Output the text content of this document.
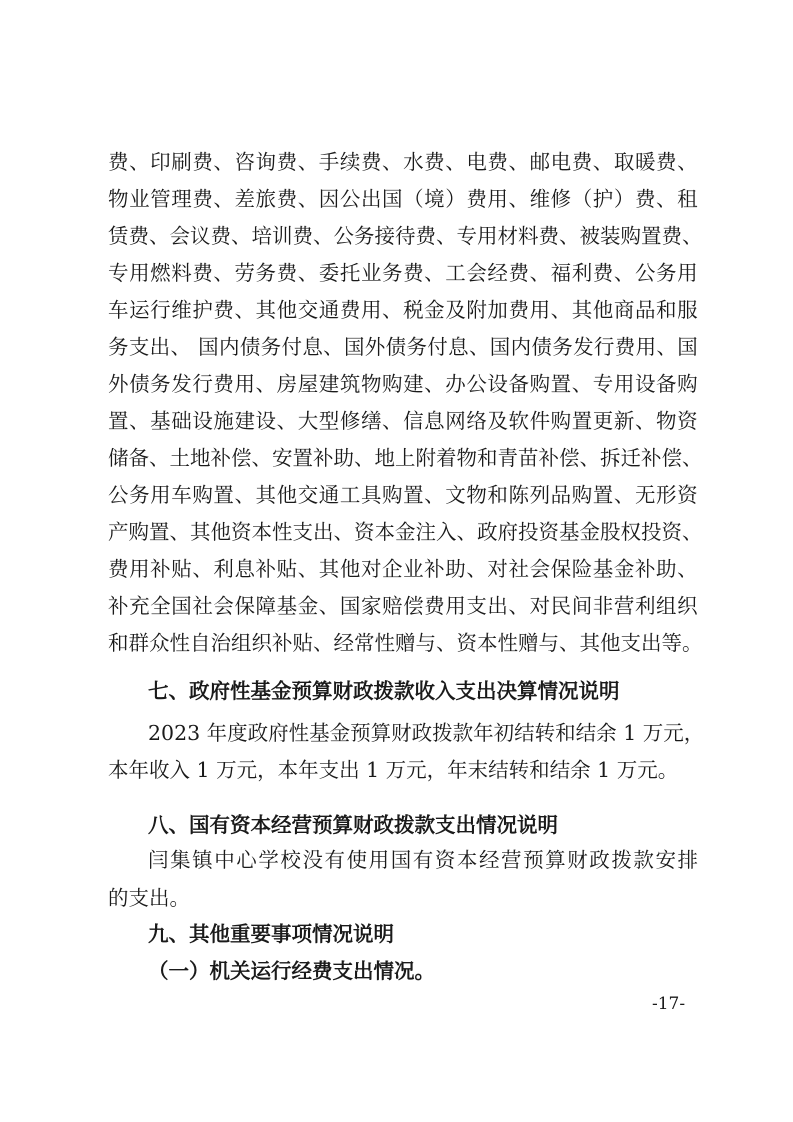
费 、 印 刷 费 、 咨 询 费 、 手 续 费 、 水 费 、 电 费 、 邮 电 费 、 取 暖 费 、
物 业 管 理 费 、 差 旅 费 、 因 公 出 国 （ 境 ） 费 用 、 维 修 （ 护 ） 费 、 租
赁 费 、 会 议 费 、 培 训 费 、 公 务 接 待 费 、 专 用 材 料 费 、 被 装 购 置 费 、
专 用 燃 料 费 、 劳 务 费 、 委 托 业 务 费 、 工 会 经 费 、 福 利 费 、 公 务 用
车 运 行 维 护 费 、 其 他 交 通 费 用 、 税 金 及 附 加 费 用 、 其 他 商 品 和 服
务 支 出 、
国 内 债 务 付 息 、 国 外 债 务 付 息 、 国 内 债 务 发 行 费 用 、 国
外 债 务 发 行 费 用 、 房 屋 建 筑 物 购 建 、 办 公 设 备 购 置 、 专 用 设 备 购
置 、 基 础 设 施 建 设 、 大 型 修 缮 、 信 息 网 络 及 软 件 购 置 更 新 、 物 资
储 备 、 土 地 补 偿 、 安 置 补 助 、 地 上 附 着 物 和 青 苗 补 偿 、 拆 迁 补 偿 、
公 务 用 车 购 置 、 其 他 交 通 工 具 购 置 、 文 物 和 陈 列 品 购 置 、 无 形 资
产 购 置 、 其 他 资 本 性 支 出 、 资 本 金 注 入 、 政 府 投 资 基 金 股 权 投 资 、
费 用 补 贴 、 利 息 补 贴 、 其 他 对 企 业 补 助 、 对 社 会 保 险 基 金 补 助 、
补 充 全 国 社 会 保 障 基 金 、 国 家 赔 偿 费 用 支 出 、 对 民 间 非 营 利 组 织
和 群 众 性 自 治 组 织 补 贴 、 经 常 性 赠 与 、 资 本 性 赠 与 、 其 他 支 出 等 。
七、政府性基金预算财政拨款收入支出决算情况说明
2023 年度政府性基金预算财政拨款年初结转和结余 1 万元，
本年收入 1 万元，本年支出 1 万元，年末结转和结余 1 万元。
八、国有资本经营预算财政拨款支出情况说明
闫 集 镇 中 心 学 校 没 有 使 用 国 有 资 本 经 营 预 算 财 政 拨 款 安 排
的支出。
九、其他重要事项情况说明
（一）机关运行经费支出情况。
-17-
